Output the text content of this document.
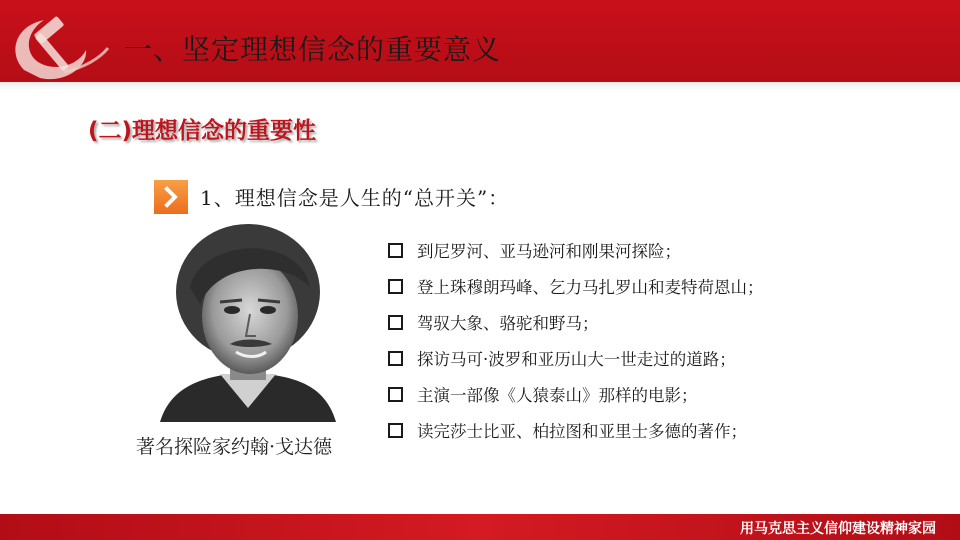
一、坚定理想信念的重要意义
(二)理想信念的重要性
1、理想信念是人生的“总开关”：
著名探险家约翰·戈达德
到尼罗河、亚马逊河和刚果河探险；
登上珠穆朗玛峰、乞力马扎罗山和麦特荷恩山；
驾驭大象、骆驼和野马；
探访马可·波罗和亚历山大一世走过的道路；
主演一部像《人猿泰山》那样的电影；
读完莎士比亚、柏拉图和亚里士多德的著作；
用马克思主义信仰建设精神家园
